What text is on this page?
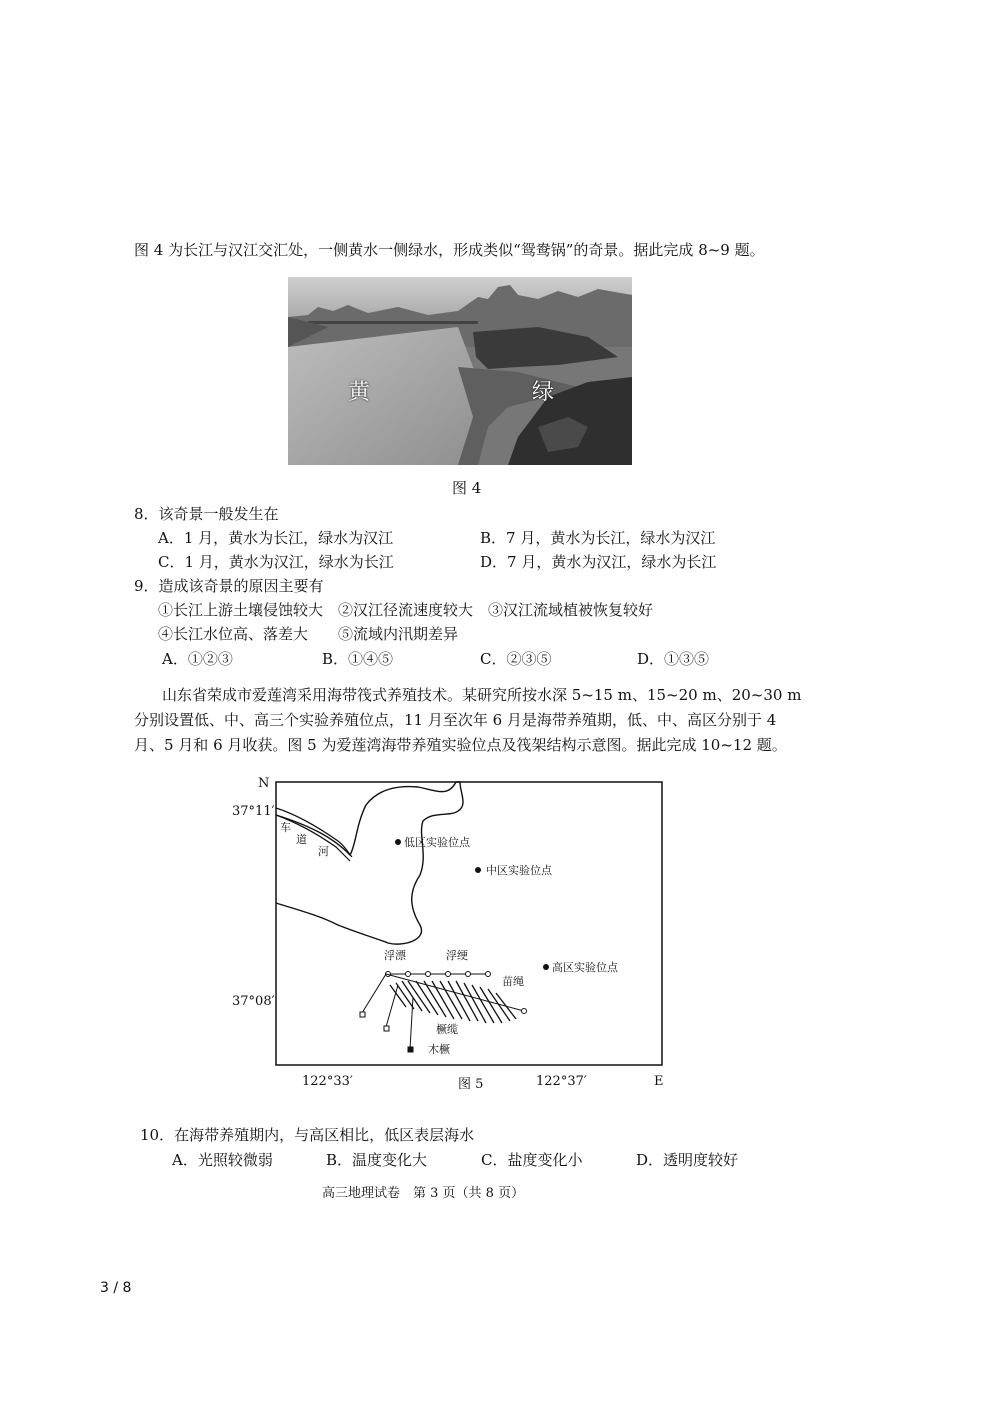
图 4 为长江与汉江交汇处，一侧黄水一侧绿水，形成类似“鸳鸯锅”的奇景。据此完成 8~9 题。
黄	绿
图 4
8．该奇景一般发生在
A．1 月，黄水为长江，绿水为汉江	B．7 月，黄水为长江，绿水为汉江
C．1 月，黄水为汉江，绿水为长江	D．7 月，黄水为汉江，绿水为长江
9．造成该奇景的原因主要有
①长江上游土壤侵蚀较大　②汉江径流速度较大　③汉江流域植被恢复较好
④长江水位高、落差大　　⑤流域内汛期差异
A．①②③	B．①④⑤	C．②③⑤	D．①③⑤
山东省荣成市爱莲湾采用海带筏式养殖技术。某研究所按水深 5~15 m、15~20 m、20~30 m
分别设置低、中、高三个实验养殖位点，11 月至次年 6 月是海带养殖期，低、中、高区分别于 4
月、5 月和 6 月收获。图 5 为爱莲湾海带养殖实验位点及筏架结构示意图。据此完成 10~12 题。
车
道
河
低区实验位点
中区实验位点
高区实验位点
浮漂	浮绠
苗绳
橛缆
木橛
N
37°11′
37°08′
122°33′	122°37′	E
图 5
10．在海带养殖期内，与高区相比，低区表层海水
A．光照较微弱	B．温度变化大	C．盐度变化小	D．透明度较好
高三地理试卷　第 3 页（共 8 页）
3 / 8
